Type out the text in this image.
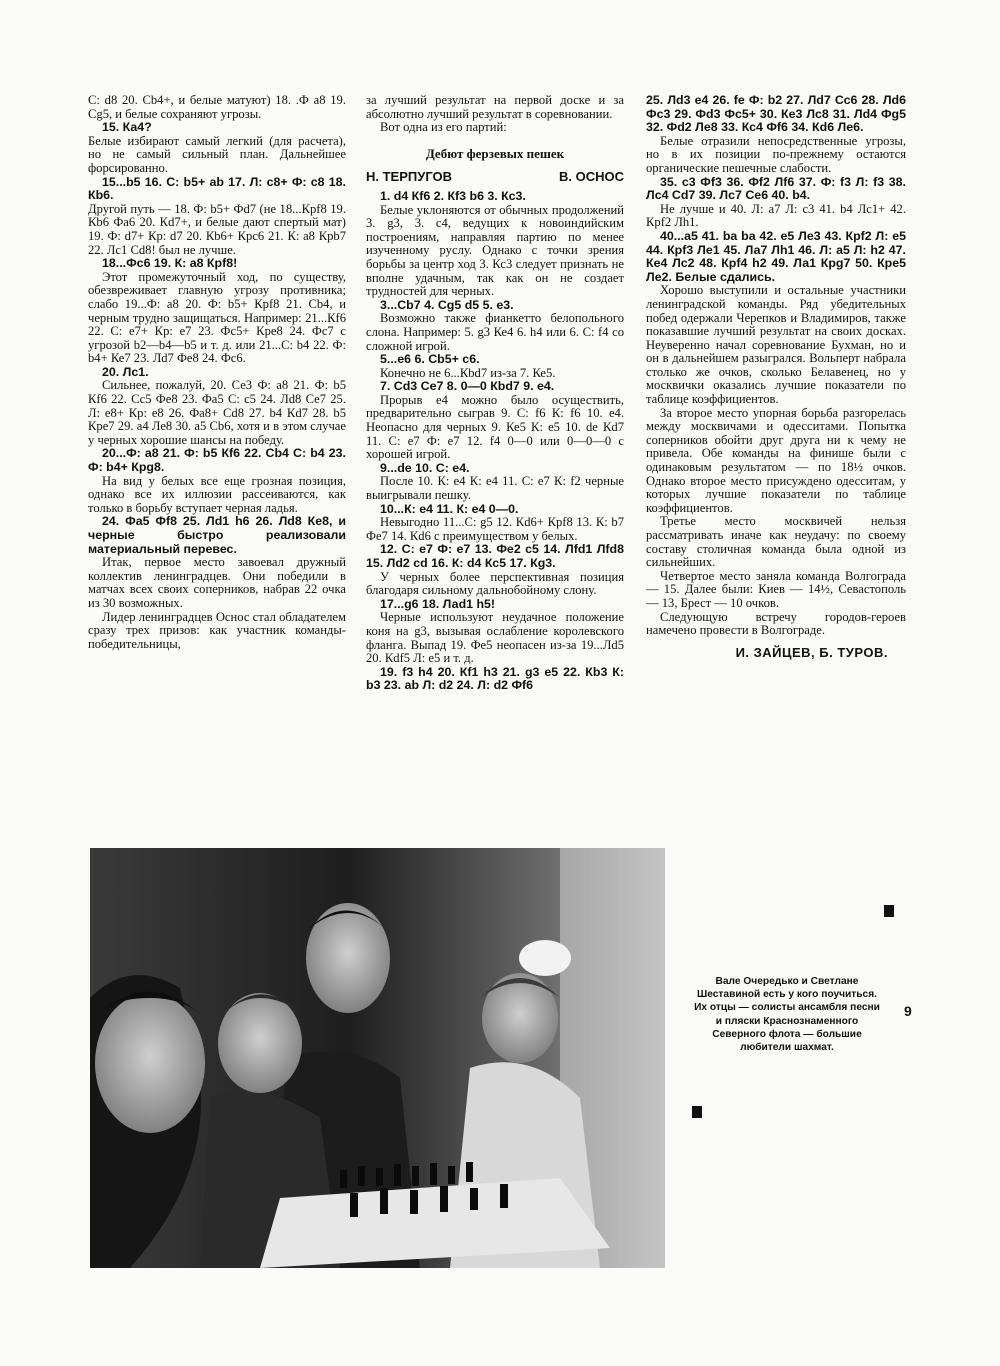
С: d8 20. Сb4+, и белые матуют) 18. .Ф a8 19. Сg5, и белые сохраняют угрозы.

15. Ка4?

Белые избирают самый легкий (для расчета), но не самый сильный план. Дальнейшее форсированно.

15...b5 16. С: b5+ ab 17. Л: c8+ Ф: c8 18. Кb6.

Другой путь — 18. Ф: b5+ Фd7 (не 18...Крf8 19. Кb6 Фа6 20. Кd7+, и белые дают спертый мат) 19. Ф: d7+ Кр: d7 20. Кb6+ Крс6 21. К: a8 Крb7 22. Лс1 Сd8! был не лучше.

18...Фс6 19. К: a8 Крf8!

Этот промежуточный ход, по существу, обезвреживает главную угрозу противника; слабо 19...Ф: a8 20. Ф: b5+ Крf8 21. Сb4, и черным трудно защищаться. Например: 21...Кf6 22. С: e7+ Кр: e7 23. Фс5+ Кре8 24. Фс7 с угрозой b2—b4—b5 и т. д. или 21...С: b4 22. Ф: b4+ Ке7 23. Лd7 Фе8 24. Фс6.

20. Лс1.

Сильнее, пожалуй, 20. Се3 Ф: a8 21. Ф: b5 Кf6 22. Сс5 Фе8 23. Фа5 С: c5 24. Лd8 Се7 25. Л: e8+ Кр: e8 26. Фа8+ Сd8 27. b4 Кd7 28. b5 Кре7 29. a4 Ле8 30. a5 Сb6, хотя и в этом случае у черных хорошие шансы на победу.

20...Ф: a8 21. Ф: b5 Кf6 22. Сb4 С: b4 23. Ф: b4+ Крg8.

На вид у белых все еще грозная позиция, однако все их иллюзии рассеиваются, как только в борьбу вступает черная ладья.

24. Фа5 Фf8 25. Лd1 h6 26. Лd8 Ке8, и черные быстро реализовали материальный перевес.

Итак, первое место завоевал дружный коллектив ленинградцев. Они победили в матчах всех своих соперников, набрав 22 очка из 30 возможных.

Лидер ленинградцев Оснос стал обладателем сразу трех призов: как участник команды-победительницы,

за лучший результат на первой доске и за абсолютно лучший результат в соревновании.

Вот одна из его партий:

Дебют ферзевых пешек
Н. ТЕРПУГОВ	В. ОСНОС

1. d4 Кf6 2. Кf3 b6 3. Кс3.

Белые уклоняются от обычных продолжений 3. g3, 3. c4, ведущих к новоиндийским построениям, направляя партию по менее изученному руслу. Однако с точки зрения борьбы за центр ход 3. Кс3 следует признать не вполне удачным, так как он не создает трудностей для черных.

3...Сb7 4. Сg5 d5 5. e3.

Возможно также фианкетто белопольного слона. Например: 5. g3 Ке4 6. h4 или 6. С: f4 со сложной игрой.

5...e6 6. Сb5+ c6.

Конечно не 6...Кbd7 из-за 7. Ке5.

7. Сd3 Се7 8. 0—0 Кbd7 9. e4.

Прорыв e4 можно было осуществить, предварительно сыграв 9. С: f6 К: f6 10. e4. Неопасно для черных 9. Ке5 К: e5 10. de Кd7 11. С: e7 Ф: e7 12. f4 0—0 или 0—0—0 с хорошей игрой.

9...de 10. С: e4.

После 10. К: e4 К: e4 11. С: e7 К: f2 черные выигрывали пешку.

10...К: e4 11. К: e4 0—0.

Невыгодно 11...С: g5 12. Кd6+ Крf8 13. К: b7 Фе7 14. Кd6 с преимуществом у белых.

12. С: e7 Ф: e7 13. Фе2 c5 14. Лfd1 Лfd8 15. Лd2 cd 16. К: d4 Кс5 17. Кg3.

У черных более перспективная позиция благодаря сильному дальнобойному слону.

17...g6 18. Лаd1 h5!

Черные используют неудачное положение коня на g3, вызывая ослабление королевского фланга. Выпад 19. Фе5 неопасен из-за 19...Лd5 20. Кdf5 Л: e5 и т. д.

19. f3 h4 20. Кf1 h3 21. g3 e5 22. Кb3 К: b3 23. ab Л: d2 24. Л: d2 Фf6

25. Лd3 e4 26. fe Ф: b2 27. Лd7 Сс6 28. Лd6 Фс3 29. Фd3 Фс5+ 30. Ке3 Лс8 31. Лd4 Фg5 32. Фd2 Ле8 33. Кс4 Фf6 34. Кd6 Ле6.

Белые отразили непосредственные угрозы, но в их позиции по-прежнему остаются органические пешечные слабости.

35. c3 Фf3 36. Фf2 Лf6 37. Ф: f3 Л: f3 38. Лс4 Сd7 39. Лс7 Се6 40. b4.

Не лучше и 40. Л: a7 Л: c3 41. b4 Лс1+ 42. Крf2 Лh1.

40...a5 41. ba ba 42. e5 Ле3 43. Крf2 Л: e5 44. Крf3 Ле1 45. Ла7 Лh1 46. Л: a5 Л: h2 47. Ке4 Лс2 48. Крf4 h2 49. Ла1 Крg7 50. Кре5 Ле2. Белые сдались.

Хорошо выступили и остальные участники ленинградской команды. Ряд убедительных побед одержали Черепков и Владимиров, также показавшие лучший результат на своих досках. Неуверенно начал соревнование Бухман, но и он в дальнейшем разыгрался. Вольперт набрала столько же очков, сколько Белавенец, но у москвички оказались лучшие показатели по таблице коэффициентов.

За второе место упорная борьба разгорелась между москвичами и одесситами. Попытка соперников обойти друг друга ни к чему не привела. Обе команды на финише были с одинаковым результатом — по 18½ очков. Однако второе место присуждено одесситам, у которых лучшие показатели по таблице коэффициентов.

Третье место москвичей нельзя рассматривать иначе как неудачу: по своему составу столичная команда была одной из сильнейших.

Четвертое место заняла команда Волгограда — 15. Далее были: Киев — 14½, Севастополь — 13, Брест — 10 очков.

Следующую встречу городов-героев намечено провести в Волгограде.

И. ЗАЙЦЕВ, Б. ТУРОВ.
Вале Очередько и Светлане Шеставиной есть у кого поучиться. Их отцы — солисты ансамбля песни и пляски Краснознаменного Северного флота — большие любители шахмат.
9
